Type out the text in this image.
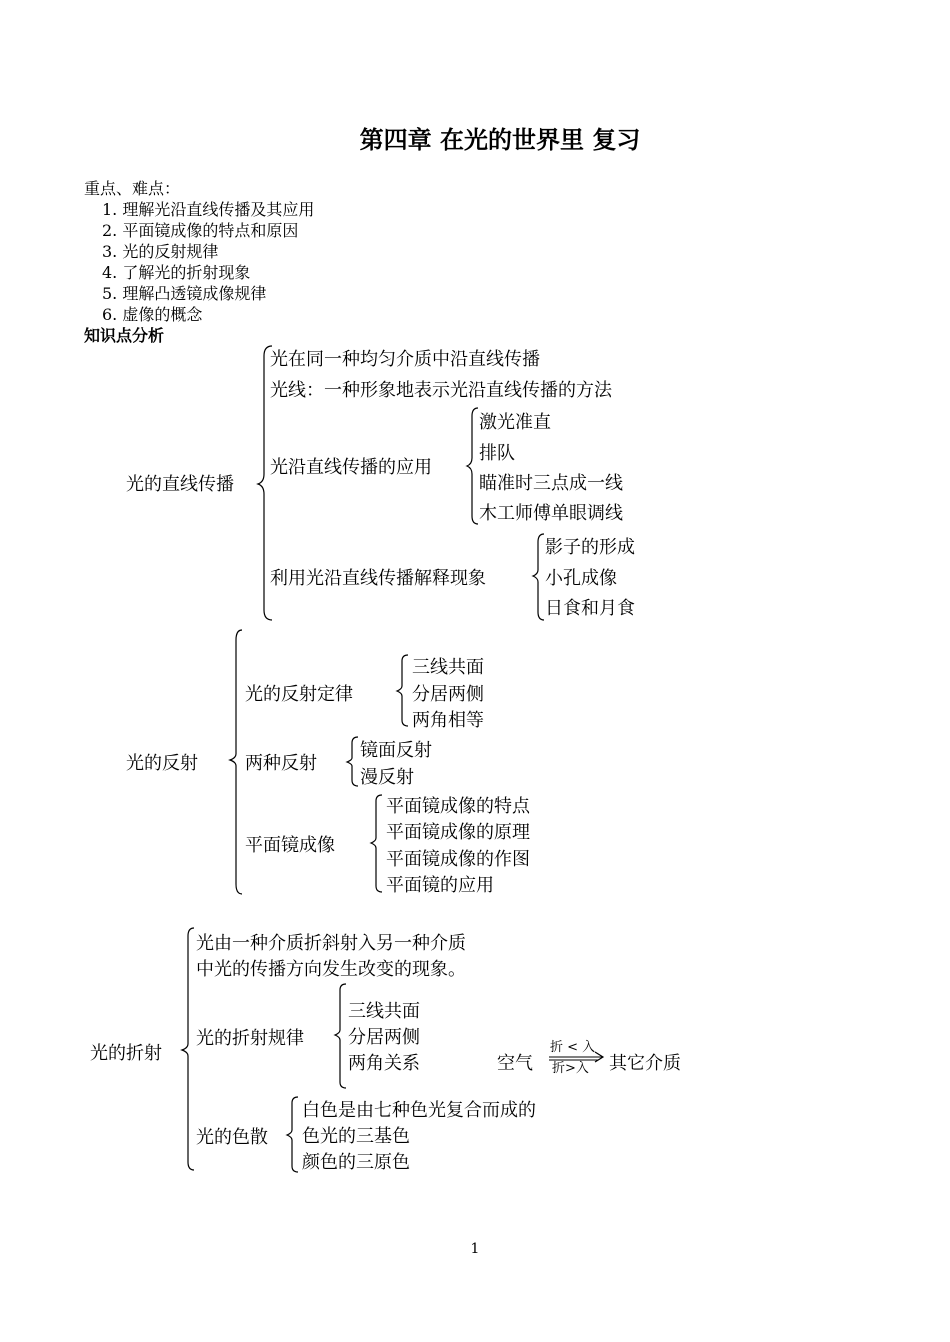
第四章 在光的世界里 复习
重点、难点：
1. 理解光沿直线传播及其应用
2. 平面镜成像的特点和原因
3. 光的反射规律
4. 了解光的折射现象
5. 理解凸透镜成像规律
6. 虚像的概念
知识点分析
光的直线传播
光在同一种均匀介质中沿直线传播
光线：一种形象地表示光沿直线传播的方法
光沿直线传播的应用
利用光沿直线传播解释现象
激光准直
排队
瞄准时三点成一线
木工师傅单眼调线
影子的形成
小孔成像
日食和月食
光的反射
光的反射定律
两种反射
平面镜成像
三线共面
分居两侧
两角相等
镜面反射
漫反射
平面镜成像的特点
平面镜成像的原理
平面镜成像的作图
平面镜的应用
光的折射
光由一种介质折斜射入另一种介质
中光的传播方向发生改变的现象。
光的折射规律
三线共面
分居两侧
两角关系	空气
折 < 入
折>入 其它介质
光的色散
白色是由七种色光复合而成的
色光的三基色
颜色的三原色
1
